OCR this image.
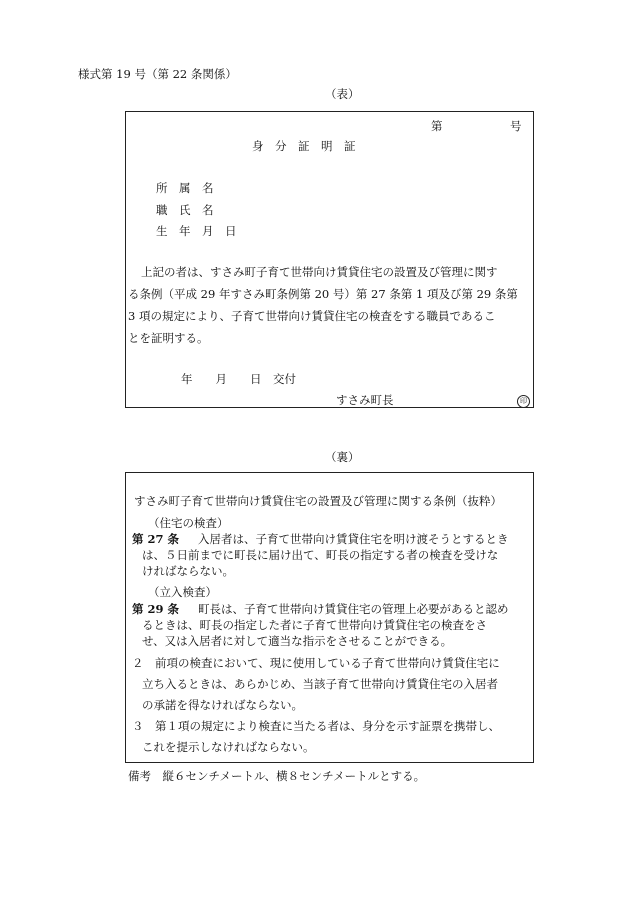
様式第 19 号（第 22 条関係）
（表）
第	号
身　分　証　明　証
所　属　名
職　氏　名
生　年　月　日
上記の者は、すさみ町子育て世帯向け賃貸住宅の設置及び管理に関す
る条例（平成 29 年すさみ町条例第 20 号）第 27 条第 1 項及び第 29 条第
3 項の規定により、子育て世帯向け賃貸住宅の検査をする職員であるこ
とを証明する。
年　　月　　日　交付
すさみ町長	印
（裏）
すさみ町子育て世帯向け賃貸住宅の設置及び管理に関する条例（抜粋）
（住宅の検査）
第 27 条 入居者は、子育て世帯向け賃貸住宅を明け渡そうとするとき
は、５日前までに町長に届け出て、町長の指定する者の検査を受けな
ければならない。
（立入検査）
第 29 条 町長は、子育て世帯向け賃貸住宅の管理上必要があると認め
るときは、町長の指定した者に子育て世帯向け賃貸住宅の検査をさ
せ、又は入居者に対して適当な指示をさせることができる。
２　前項の検査において、現に使用している子育て世帯向け賃貸住宅に
立ち入るときは、あらかじめ、当該子育て世帯向け賃貸住宅の入居者
の承諾を得なければならない。
３　第１項の規定により検査に当たる者は、身分を示す証票を携帯し、
これを提示しなければならない。
備考　縦６センチメートル、横８センチメートルとする。
